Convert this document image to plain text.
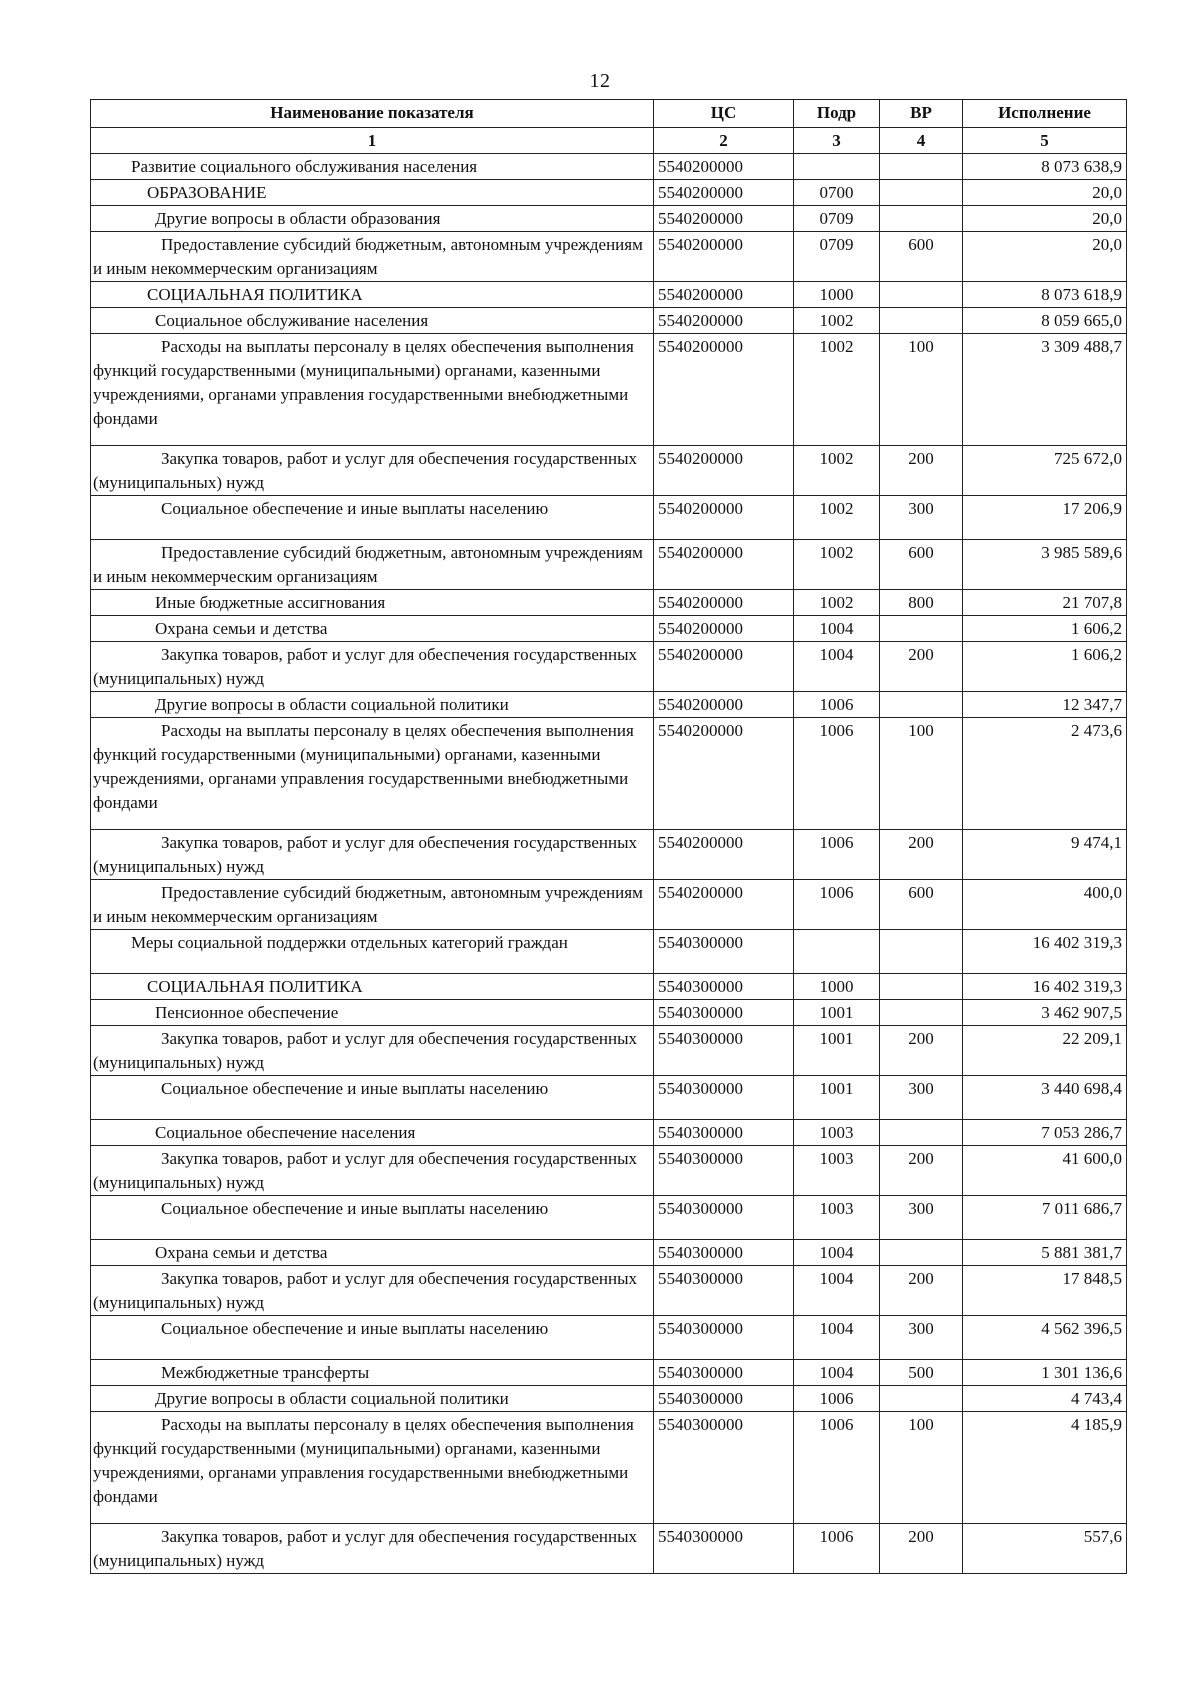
12
Наименование показателя	ЦС	Подр	ВР	Исполнение
1	2	3	4	5
Развитие социального обслуживания населения	5540200000			8 073 638,9
ОБРАЗОВАНИЕ	5540200000	0700		20,0
Другие вопросы в области образования	5540200000	0709		20,0
Предоставление субсидий бюджетным, автономным учреждениям и иным некоммерческим организациям	5540200000	0709	600	20,0
СОЦИАЛЬНАЯ ПОЛИТИКА	5540200000	1000		8 073 618,9
Социальное обслуживание населения	5540200000	1002		8 059 665,0
Расходы на выплаты персоналу в целях обеспечения выполнения функций государственными (муниципальными) органами, казенными учреждениями, органами управления государственными внебюджетными фондами	5540200000	1002	100	3 309 488,7
Закупка товаров, работ и услуг для обеспечения государственных (муниципальных) нужд	5540200000	1002	200	725 672,0
Социальное обеспечение и иные выплаты населению	5540200000	1002	300	17 206,9
Предоставление субсидий бюджетным, автономным учреждениям и иным некоммерческим организациям	5540200000	1002	600	3 985 589,6
Иные бюджетные ассигнования	5540200000	1002	800	21 707,8
Охрана семьи и детства	5540200000	1004		1 606,2
Закупка товаров, работ и услуг для обеспечения государственных (муниципальных) нужд	5540200000	1004	200	1 606,2
Другие вопросы в области социальной политики	5540200000	1006		12 347,7
Расходы на выплаты персоналу в целях обеспечения выполнения функций государственными (муниципальными) органами, казенными учреждениями, органами управления государственными внебюджетными фондами	5540200000	1006	100	2 473,6
Закупка товаров, работ и услуг для обеспечения государственных (муниципальных) нужд	5540200000	1006	200	9 474,1
Предоставление субсидий бюджетным, автономным учреждениям и иным некоммерческим организациям	5540200000	1006	600	400,0
Меры социальной поддержки отдельных категорий граждан	5540300000			16 402 319,3
СОЦИАЛЬНАЯ ПОЛИТИКА	5540300000	1000		16 402 319,3
Пенсионное обеспечение	5540300000	1001		3 462 907,5
Закупка товаров, работ и услуг для обеспечения государственных (муниципальных) нужд	5540300000	1001	200	22 209,1
Социальное обеспечение и иные выплаты населению	5540300000	1001	300	3 440 698,4
Социальное обеспечение населения	5540300000	1003		7 053 286,7
Закупка товаров, работ и услуг для обеспечения государственных (муниципальных) нужд	5540300000	1003	200	41 600,0
Социальное обеспечение и иные выплаты населению	5540300000	1003	300	7 011 686,7
Охрана семьи и детства	5540300000	1004		5 881 381,7
Закупка товаров, работ и услуг для обеспечения государственных (муниципальных) нужд	5540300000	1004	200	17 848,5
Социальное обеспечение и иные выплаты населению	5540300000	1004	300	4 562 396,5
Межбюджетные трансферты	5540300000	1004	500	1 301 136,6
Другие вопросы в области социальной политики	5540300000	1006		4 743,4
Расходы на выплаты персоналу в целях обеспечения выполнения функций государственными (муниципальными) органами, казенными учреждениями, органами управления государственными внебюджетными фондами	5540300000	1006	100	4 185,9
Закупка товаров, работ и услуг для обеспечения государственных (муниципальных) нужд	5540300000	1006	200	557,6
